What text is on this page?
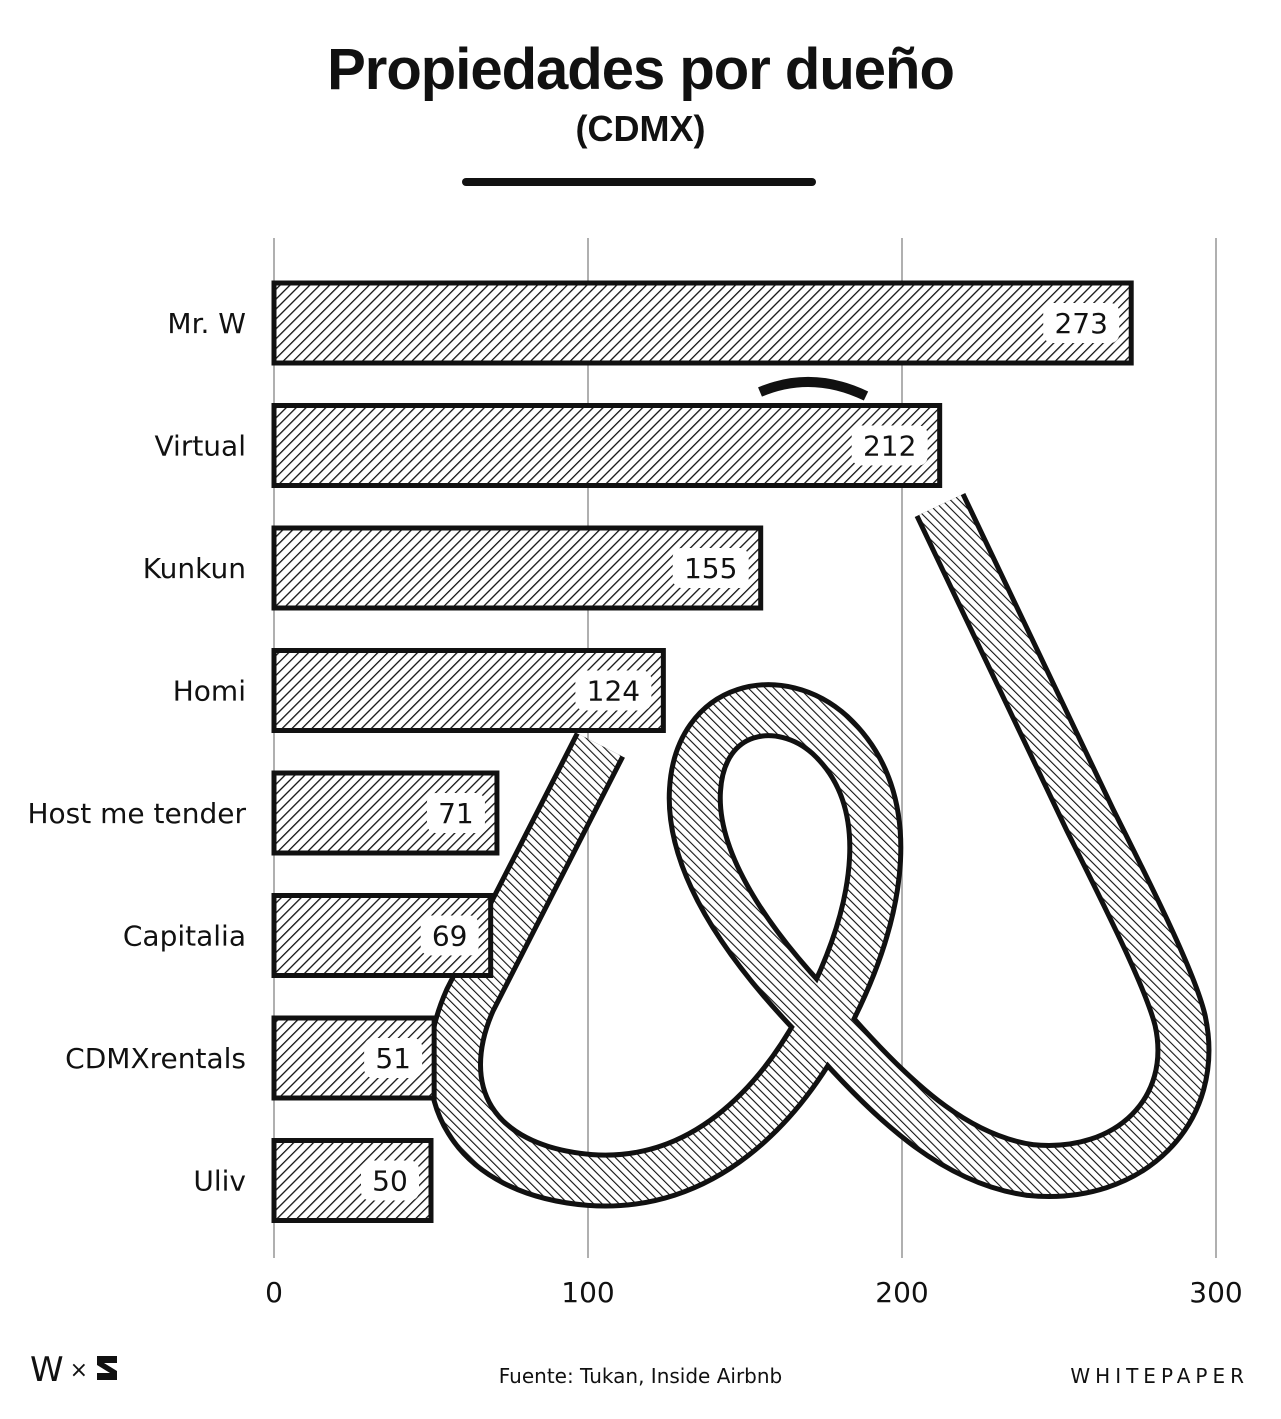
Propiedades por dueño
(CDMX)
Mr. W	273
Virtual	212
Kunkun	155
Homi	124
Host me tender	71
Capitalia	69
CDMXrentals	51
Uliv	50
0	100	200	300
W ×	Fuente: Tukan, Inside Airbnb	WHITEPAPER
